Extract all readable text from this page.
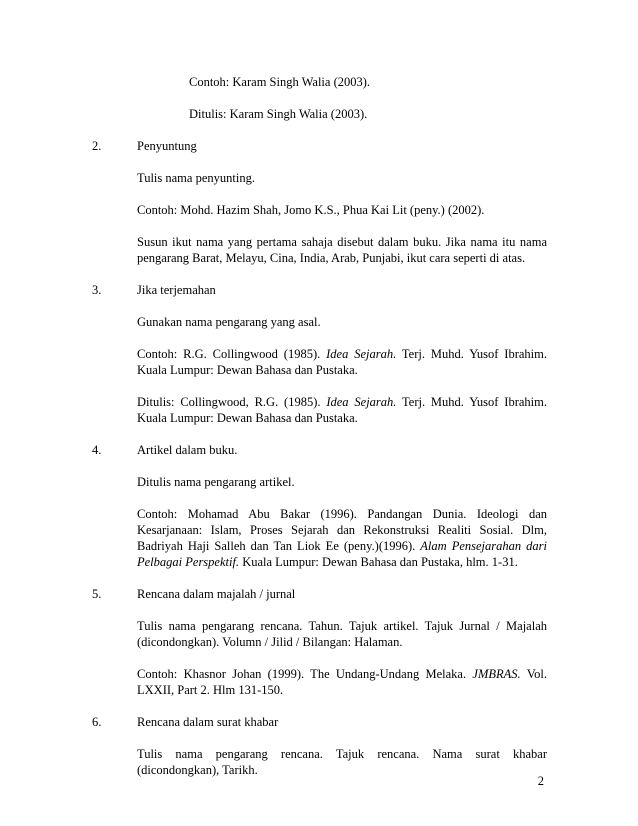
Contoh: Karam Singh Walia (2003).
Ditulis: Karam Singh Walia (2003).
2.	Penyuntung
Tulis nama penyunting.
Contoh: Mohd. Hazim Shah, Jomo K.S., Phua Kai Lit (peny.) (2002).
Susun ikut nama yang pertama sahaja disebut dalam buku. Jika nama itu nama
pengarang Barat, Melayu, Cina, India, Arab, Punjabi, ikut cara seperti di atas.
3.	Jika terjemahan
Gunakan nama pengarang yang asal.
Contoh: R.G. Collingwood (1985). Idea Sejarah. Terj. Muhd. Yusof Ibrahim.
Kuala Lumpur: Dewan Bahasa dan Pustaka.
Ditulis: Collingwood, R.G. (1985). Idea Sejarah. Terj. Muhd. Yusof Ibrahim.
Kuala Lumpur: Dewan Bahasa dan Pustaka.
4.	Artikel dalam buku.
Ditulis nama pengarang artikel.
Contoh: Mohamad Abu Bakar (1996). Pandangan Dunia. Ideologi dan
Kesarjanaan: Islam, Proses Sejarah dan Rekonstruksi Realiti Sosial. Dlm,
Badriyah Haji Salleh dan Tan Liok Ee (peny.)(1996). Alam Pensejarahan dari
Pelbagai Perspektif. Kuala Lumpur: Dewan Bahasa dan Pustaka, hlm. 1-31.
5.	Rencana dalam majalah / jurnal
Tulis nama pengarang rencana. Tahun. Tajuk artikel. Tajuk Jurnal / Majalah
(dicondongkan). Volumn / Jilid / Bilangan: Halaman.
Contoh: Khasnor Johan (1999). The Undang-Undang Melaka. JMBRAS. Vol.
LXXII, Part 2. Hlm 131-150.
6.	Rencana dalam surat khabar
Tulis nama pengarang rencana. Tajuk rencana. Nama surat khabar
(dicondongkan), Tarikh.
2
